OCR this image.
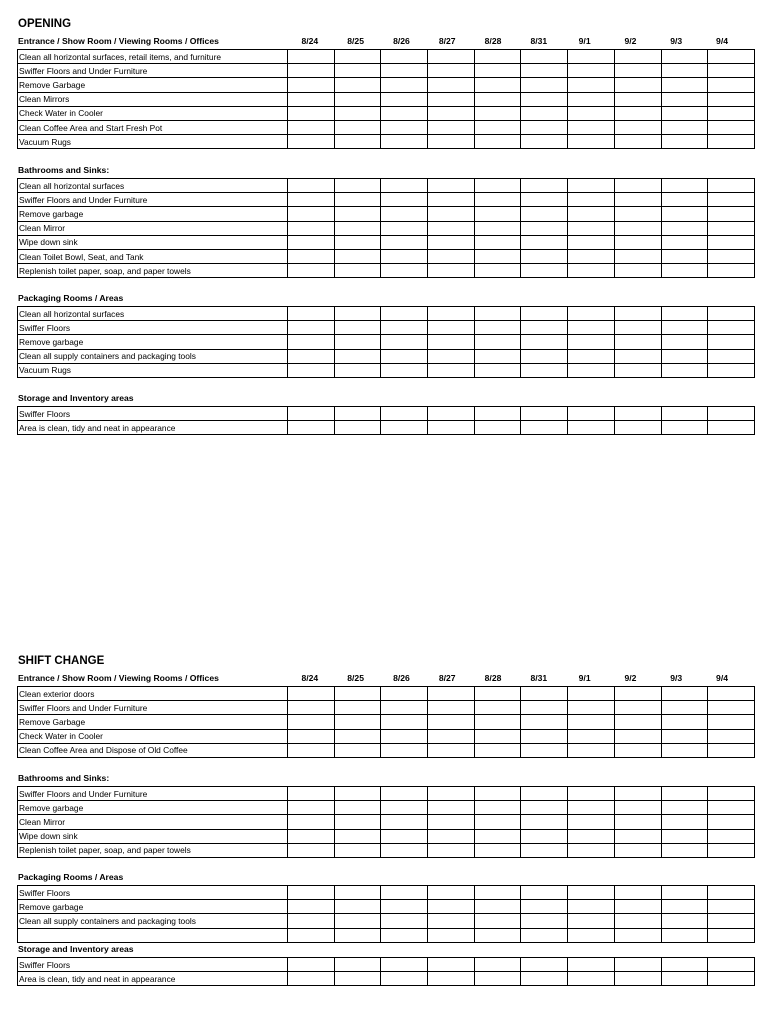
OPENING
Entrance / Show Room / Viewing Rooms / Offices	8/24	8/25	8/26	8/27	8/28	8/31	9/1	9/2	9/3	9/4
Clean all horizontal surfaces, retail items, and furniture										
Swiffer Floors and Under Furniture										
Remove Garbage										
Clean Mirrors										
Check Water in Cooler										
Clean Coffee Area and Start Fresh Pot										
Vacuum Rugs										
Bathrooms and Sinks:
Clean all horizontal surfaces										
Swiffer Floors and Under Furniture										
Remove garbage										
Clean Mirror										
Wipe down sink										
Clean Toilet Bowl, Seat, and Tank										
Replenish toilet paper, soap, and paper towels										
Packaging Rooms / Areas
Clean all horizontal surfaces										
Swiffer Floors										
Remove garbage										
Clean all supply containers and packaging tools										
Vacuum Rugs										
Storage and Inventory areas
Swiffer Floors										
Area is clean, tidy and neat in appearance										
SHIFT CHANGE
Entrance / Show Room / Viewing Rooms / Offices	8/24	8/25	8/26	8/27	8/28	8/31	9/1	9/2	9/3	9/4
Clean exterior doors										
Swiffer Floors and Under Furniture										
Remove Garbage										
Check Water in Cooler										
Clean Coffee Area and Dispose of Old Coffee										
Bathrooms and Sinks:
Swiffer Floors and Under Furniture										
Remove garbage										
Clean Mirror										
Wipe down sink										
Replenish toilet paper, soap, and paper towels										
Packaging Rooms / Areas
Swiffer Floors										
Remove garbage										
Clean all supply containers and packaging tools										

Storage and Inventory areas
Swiffer Floors										
Area is clean, tidy and neat in appearance										
